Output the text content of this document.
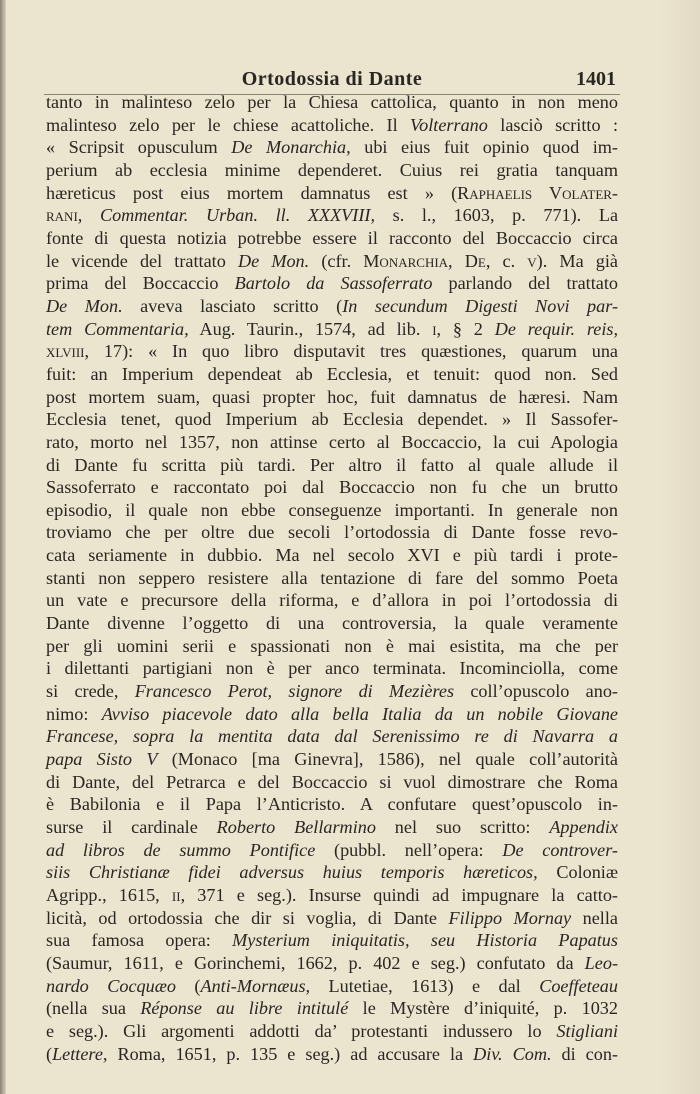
Ortodossia di Dante	1401
tanto in malinteso zelo per la Chiesa cattolica, quanto in non meno
malinteso zelo per le chiese acattoliche. Il Volterrano lasciò scritto :
« Scripsit opusculum De Monarchia, ubi eius fuit opinio quod im-
perium ab ecclesia minime dependeret. Cuius rei gratia tanquam
hæreticus post eius mortem damnatus est » (Raphaelis Volater-
rani, Commentar. Urban. ll. XXXVIII, s. l., 1603, p. 771). La
fonte di questa notizia potrebbe essere il racconto del Boccaccio circa
le vicende del trattato De Mon. (cfr. Monarchia, De, c. v). Ma già
prima del Boccaccio Bartolo da Sassoferrato parlando del trattato
De Mon. aveva lasciato scritto (In secundum Digesti Novi par-
tem Commentaria, Aug. Taurin., 1574, ad lib. i, § 2 De requir. reis,
xlviii, 17): « In quo libro disputavit tres quæstiones, quarum una
fuit: an Imperium dependeat ab Ecclesia, et tenuit: quod non. Sed
post mortem suam, quasi propter hoc, fuit damnatus de hæresi. Nam
Ecclesia tenet, quod Imperium ab Ecclesia dependet. » Il Sassofer-
rato, morto nel 1357, non attinse certo al Boccaccio, la cui Apologia
di Dante fu scritta più tardi. Per altro il fatto al quale allude il
Sassoferrato e raccontato poi dal Boccaccio non fu che un brutto
episodio, il quale non ebbe conseguenze importanti. In generale non
troviamo che per oltre due secoli l’ortodossia di Dante fosse revo-
cata seriamente in dubbio. Ma nel secolo XVI e più tardi i prote-
stanti non seppero resistere alla tentazione di fare del sommo Poeta
un vate e precursore della riforma, e d’allora in poi l’ortodossia di
Dante divenne l’oggetto di una controversia, la quale veramente
per gli uomini serii e spassionati non è mai esistita, ma che per
i dilettanti partigiani non è per anco terminata. Incominciolla, come
si crede, Francesco Perot, signore di Mezières coll’opuscolo ano-
nimo: Avviso piacevole dato alla bella Italia da un nobile Giovane
Francese, sopra la mentita data dal Serenissimo re di Navarra a
papa Sisto V (Monaco [ma Ginevra], 1586), nel quale coll’autorità
di Dante, del Petrarca e del Boccaccio si vuol dimostrare che Roma
è Babilonia e il Papa l’Anticristo. A confutare quest’opuscolo in-
surse il cardinale Roberto Bellarmino nel suo scritto: Appendix
ad libros de summo Pontifice (pubbl. nell’opera: De controver-
siis Christianæ fidei adversus huius temporis hæreticos, Coloniæ
Agripp., 1615, ii, 371 e seg.). Insurse quindi ad impugnare la catto-
licità, od ortodossia che dir si voglia, di Dante Filippo Mornay nella
sua famosa opera: Mysterium iniquitatis, seu Historia Papatus
(Saumur, 1611, e Gorinchemi, 1662, p. 402 e seg.) confutato da Leo-
nardo Cocquæo (Anti-Mornæus, Lutetiae, 1613) e dal Coeffeteau
(nella sua Réponse au libre intitulé le Mystère d’iniquité, p. 1032
e seg.). Gli argomenti addotti da’ protestanti indussero lo Stigliani
(Lettere, Roma, 1651, p. 135 e seg.) ad accusare la Div. Com. di con-
